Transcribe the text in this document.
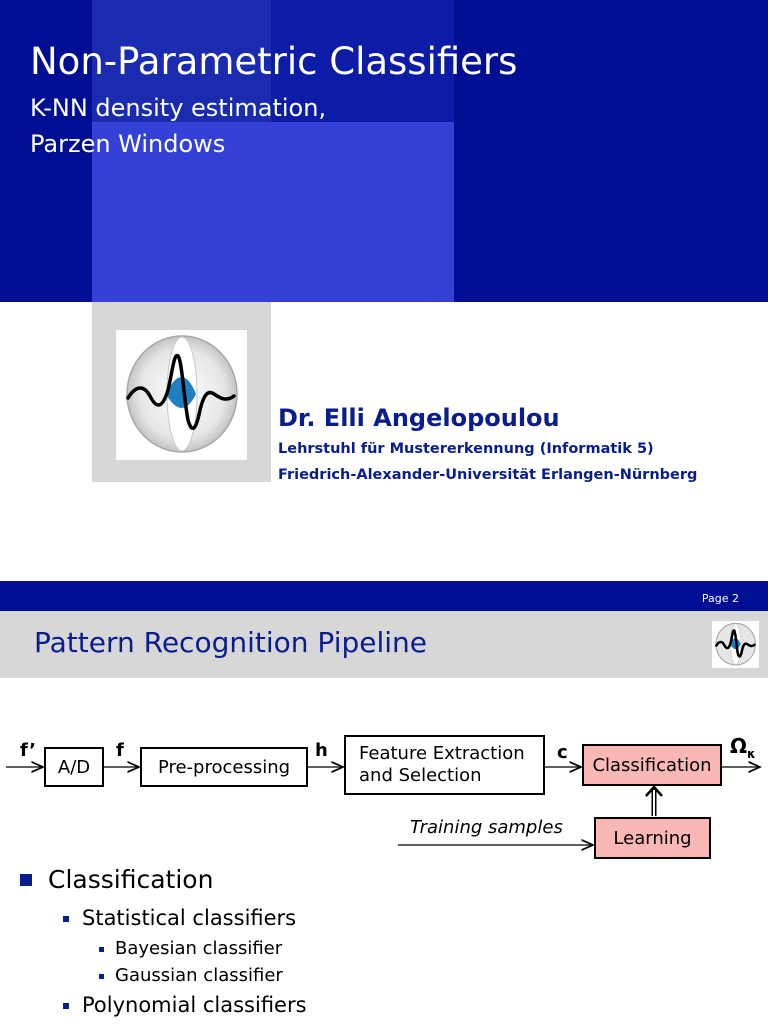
Non-Parametric Classifiers
K-NN density estimation,
Parzen Windows
Dr. Elli Angelopoulou

Lehrstuhl für Mustererkennung (Informatik 5)

Friedrich-Alexander-Universität Erlangen-Nürnberg

Page 2
Pattern Recognition Pipeline
f’
A/D
f
Pre-processing
h Feature Extraction
and Selection
c
Classification
$\Omega_\kappa$
Training samples	Learning
Classification
Statistical classifiers
Bayesian classifier
Gaussian classifier
Polynomial classifiers
